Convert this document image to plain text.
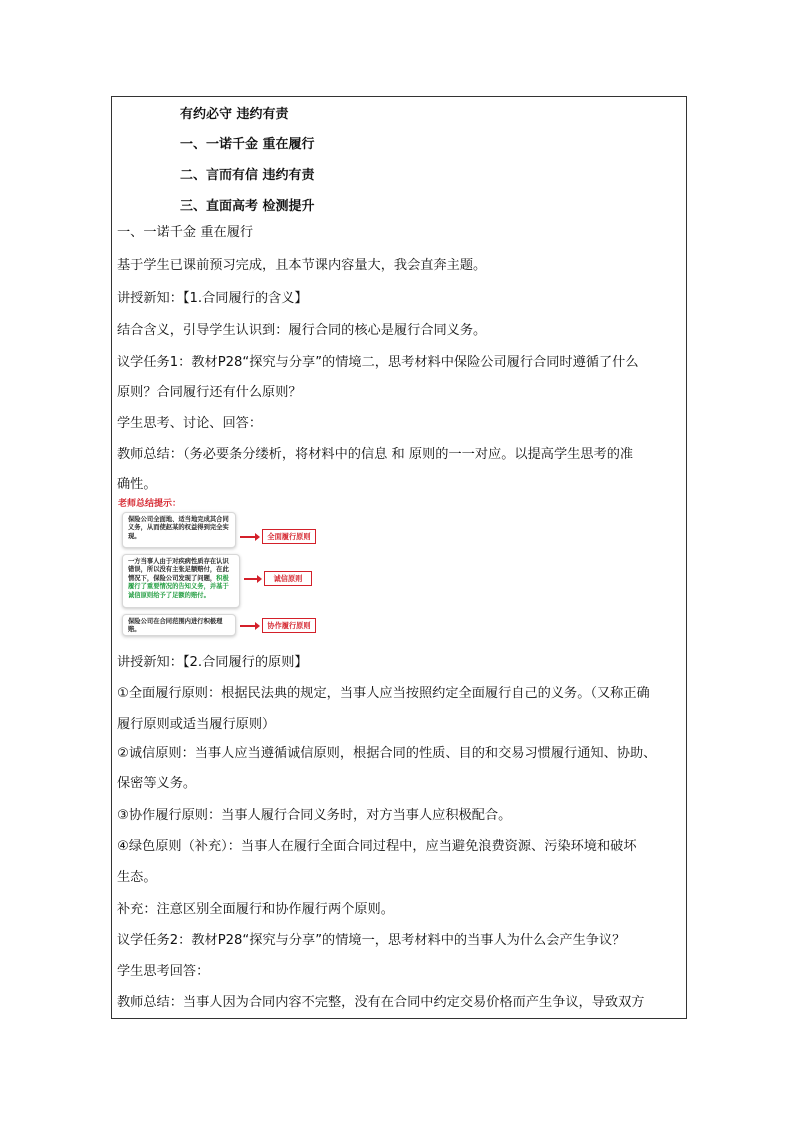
有约必守 违约有责
一、一诺千金 重在履行
二、言而有信 违约有责
三、直面高考 检测提升
一、一诺千金 重在履行
基于学生已课前预习完成，且本节课内容量大，我会直奔主题。
讲授新知：【1.合同履行的含义】
结合含义，引导学生认识到：履行合同的核心是履行合同义务。
议学任务1：教材P28“探究与分享”的情境二，思考材料中保险公司履行合同时遵循了什么
原则？合同履行还有什么原则？
学生思考、讨论、回答：
教师总结：（务必要条分缕析，将材料中的信息 和 原则的一一对应。以提高学生思考的准
确性。
老师总结提示：
保险公司全面地、适当地完成其合同义务，从而使赵某的权益得到完全实现。	全面履行原则
一方当事人由于对疾病性质存在认识错误，所以没有主张足额赔付，在此情况下，保险公司发现了问题，积极履行了重要情况的告知义务，并基于诚信原则给予了足额的赔付。
诚信原则
保险公司在合同范围内进行积极理赔。	协作履行原则
讲授新知：【2.合同履行的原则】
①全面履行原则：根据民法典的规定，当事人应当按照约定全面履行自己的义务。（又称正确
履行原则或适当履行原则）
②诚信原则：当事人应当遵循诚信原则，根据合同的性质、目的和交易习惯履行通知、协助、
保密等义务。
③协作履行原则：当事人履行合同义务时，对方当事人应积极配合。
④绿色原则（补充）：当事人在履行全面合同过程中，应当避免浪费资源、污染环境和破坏
生态。
补充：注意区别全面履行和协作履行两个原则。
议学任务2：教材P28“探究与分享”的情境一，思考材料中的当事人为什么会产生争议？
学生思考回答：
教师总结：当事人因为合同内容不完整，没有在合同中约定交易价格而产生争议，导致双方
